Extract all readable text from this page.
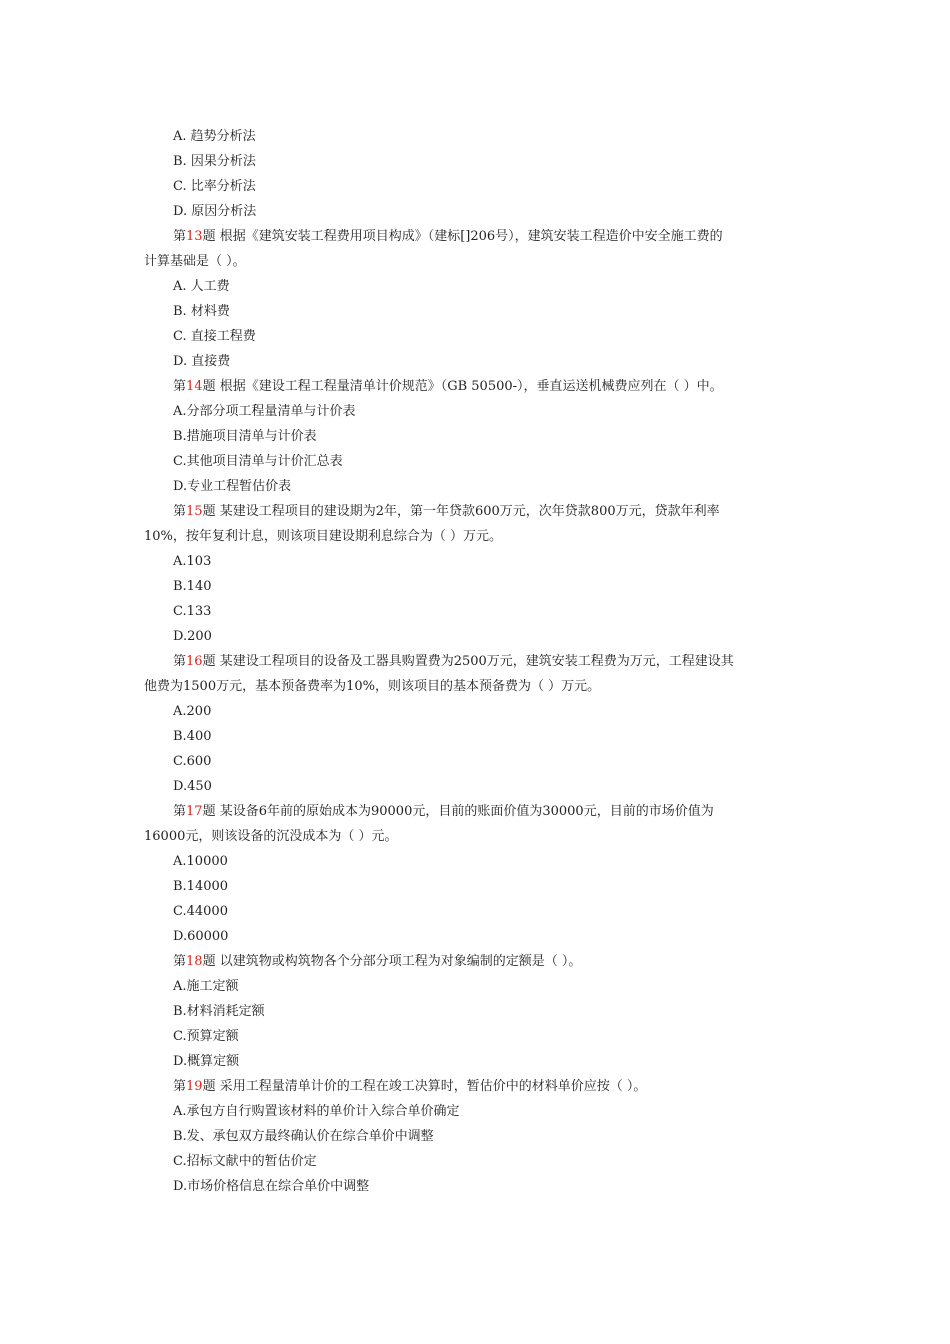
A. 趋势分析法
B. 因果分析法
C. 比率分析法
D. 原因分析法
第13题 根据《建筑安装工程费用项目构成》（建标[]206号），建筑安装工程造价中安全施工费的
计算基础是（ ）。
A. 人工费
B. 材料费
C. 直接工程费
D. 直接费
第14题 根据《建设工程工程量清单计价规范》（GB 50500-），垂直运送机械费应列在（ ）中。
A.分部分项工程量清单与计价表
B.措施项目清单与计价表
C.其他项目清单与计价汇总表
D.专业工程暂估价表
第15题 某建设工程项目的建设期为2年，第一年贷款600万元，次年贷款800万元，贷款年利率
10%，按年复利计息，则该项目建设期利息综合为（ ）万元。
A.103
B.140
C.133
D.200
第16题 某建设工程项目的设备及工器具购置费为2500万元，建筑安装工程费为万元，工程建设其
他费为1500万元，基本预备费率为10%，则该项目的基本预备费为（ ）万元。
A.200
B.400
C.600
D.450
第17题 某设备6年前的原始成本为90000元，目前的账面价值为30000元，目前的市场价值为
16000元，则该设备的沉没成本为（ ）元。
A.10000
B.14000
C.44000
D.60000
第18题 以建筑物或构筑物各个分部分项工程为对象编制的定额是（ ）。
A.施工定额
B.材料消耗定额
C.预算定额
D.概算定额
第19题 采用工程量清单计价的工程在竣工决算时，暂估价中的材料单价应按（ ）。
A.承包方自行购置该材料的单价计入综合单价确定
B.发、承包双方最终确认价在综合单价中调整
C.招标文献中的暂估价定
D.市场价格信息在综合单价中调整
